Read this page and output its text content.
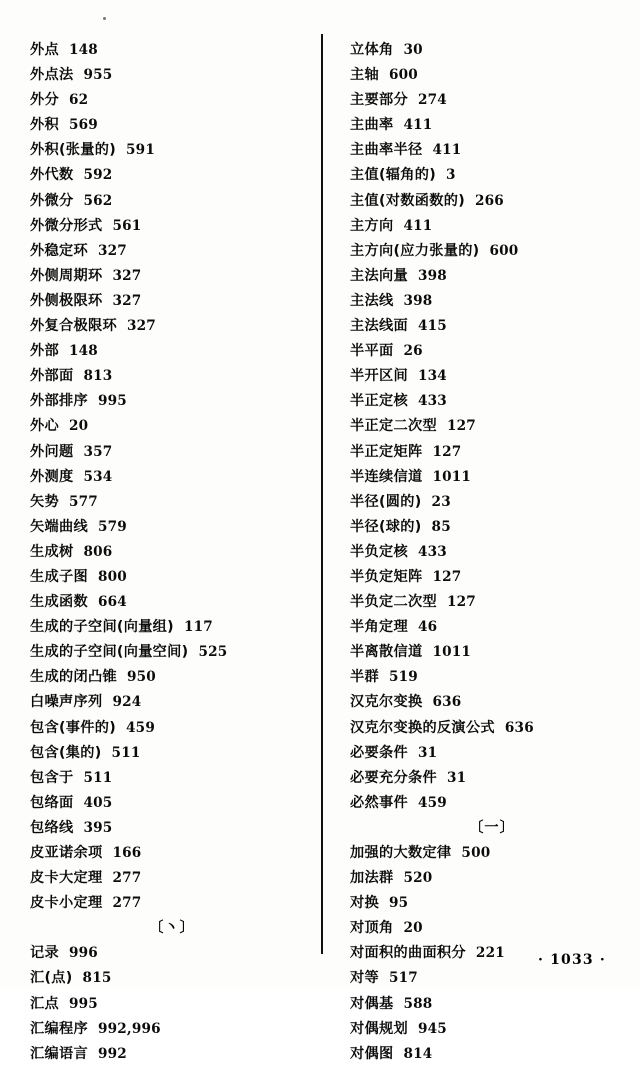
外点 148
外点法 955
外分 62
外积 569
外积(张量的) 591
外代数 592
外微分 562
外微分形式 561
外稳定环 327
外侧周期环 327
外侧极限环 327
外复合极限环 327
外部 148
外部面 813
外部排序 995
外心 20
外问题 357
外测度 534
矢势 577
矢端曲线 579
生成树 806
生成子图 800
生成函数 664
生成的子空间(向量组) 117
生成的子空间(向量空间) 525
生成的闭凸锥 950
白噪声序列 924
包含(事件的) 459
包含(集的) 511
包含于 511
包络面 405
包络线 395
皮亚诺余项 166
皮卡大定理 277
皮卡小定理 277
〔丶〕
记录 996
汇(点) 815
汇点 995
汇编程序 992,996
汇编语言 992
立体角 30
主轴 600
主要部分 274
主曲率 411
主曲率半径 411
主值(辐角的) 3
主值(对数函数的) 266
主方向 411
主方向(应力张量的) 600
主法向量 398
主法线 398
主法线面 415
半平面 26
半开区间 134
半正定核 433
半正定二次型 127
半正定矩阵 127
半连续信道 1011
半径(圆的) 23
半径(球的) 85
半负定核 433
半负定矩阵 127
半负定二次型 127
半角定理 46
半离散信道 1011
半群 519
汉克尔变换 636
汉克尔变换的反演公式 636
必要条件 31
必要充分条件 31
必然事件 459
〔一〕
加强的大数定律 500
加法群 520
对换 95
对顶角 20
对面积的曲面积分 221
对等 517
对偶基 588
对偶规划 945
对偶图 814
· 1033 ·
